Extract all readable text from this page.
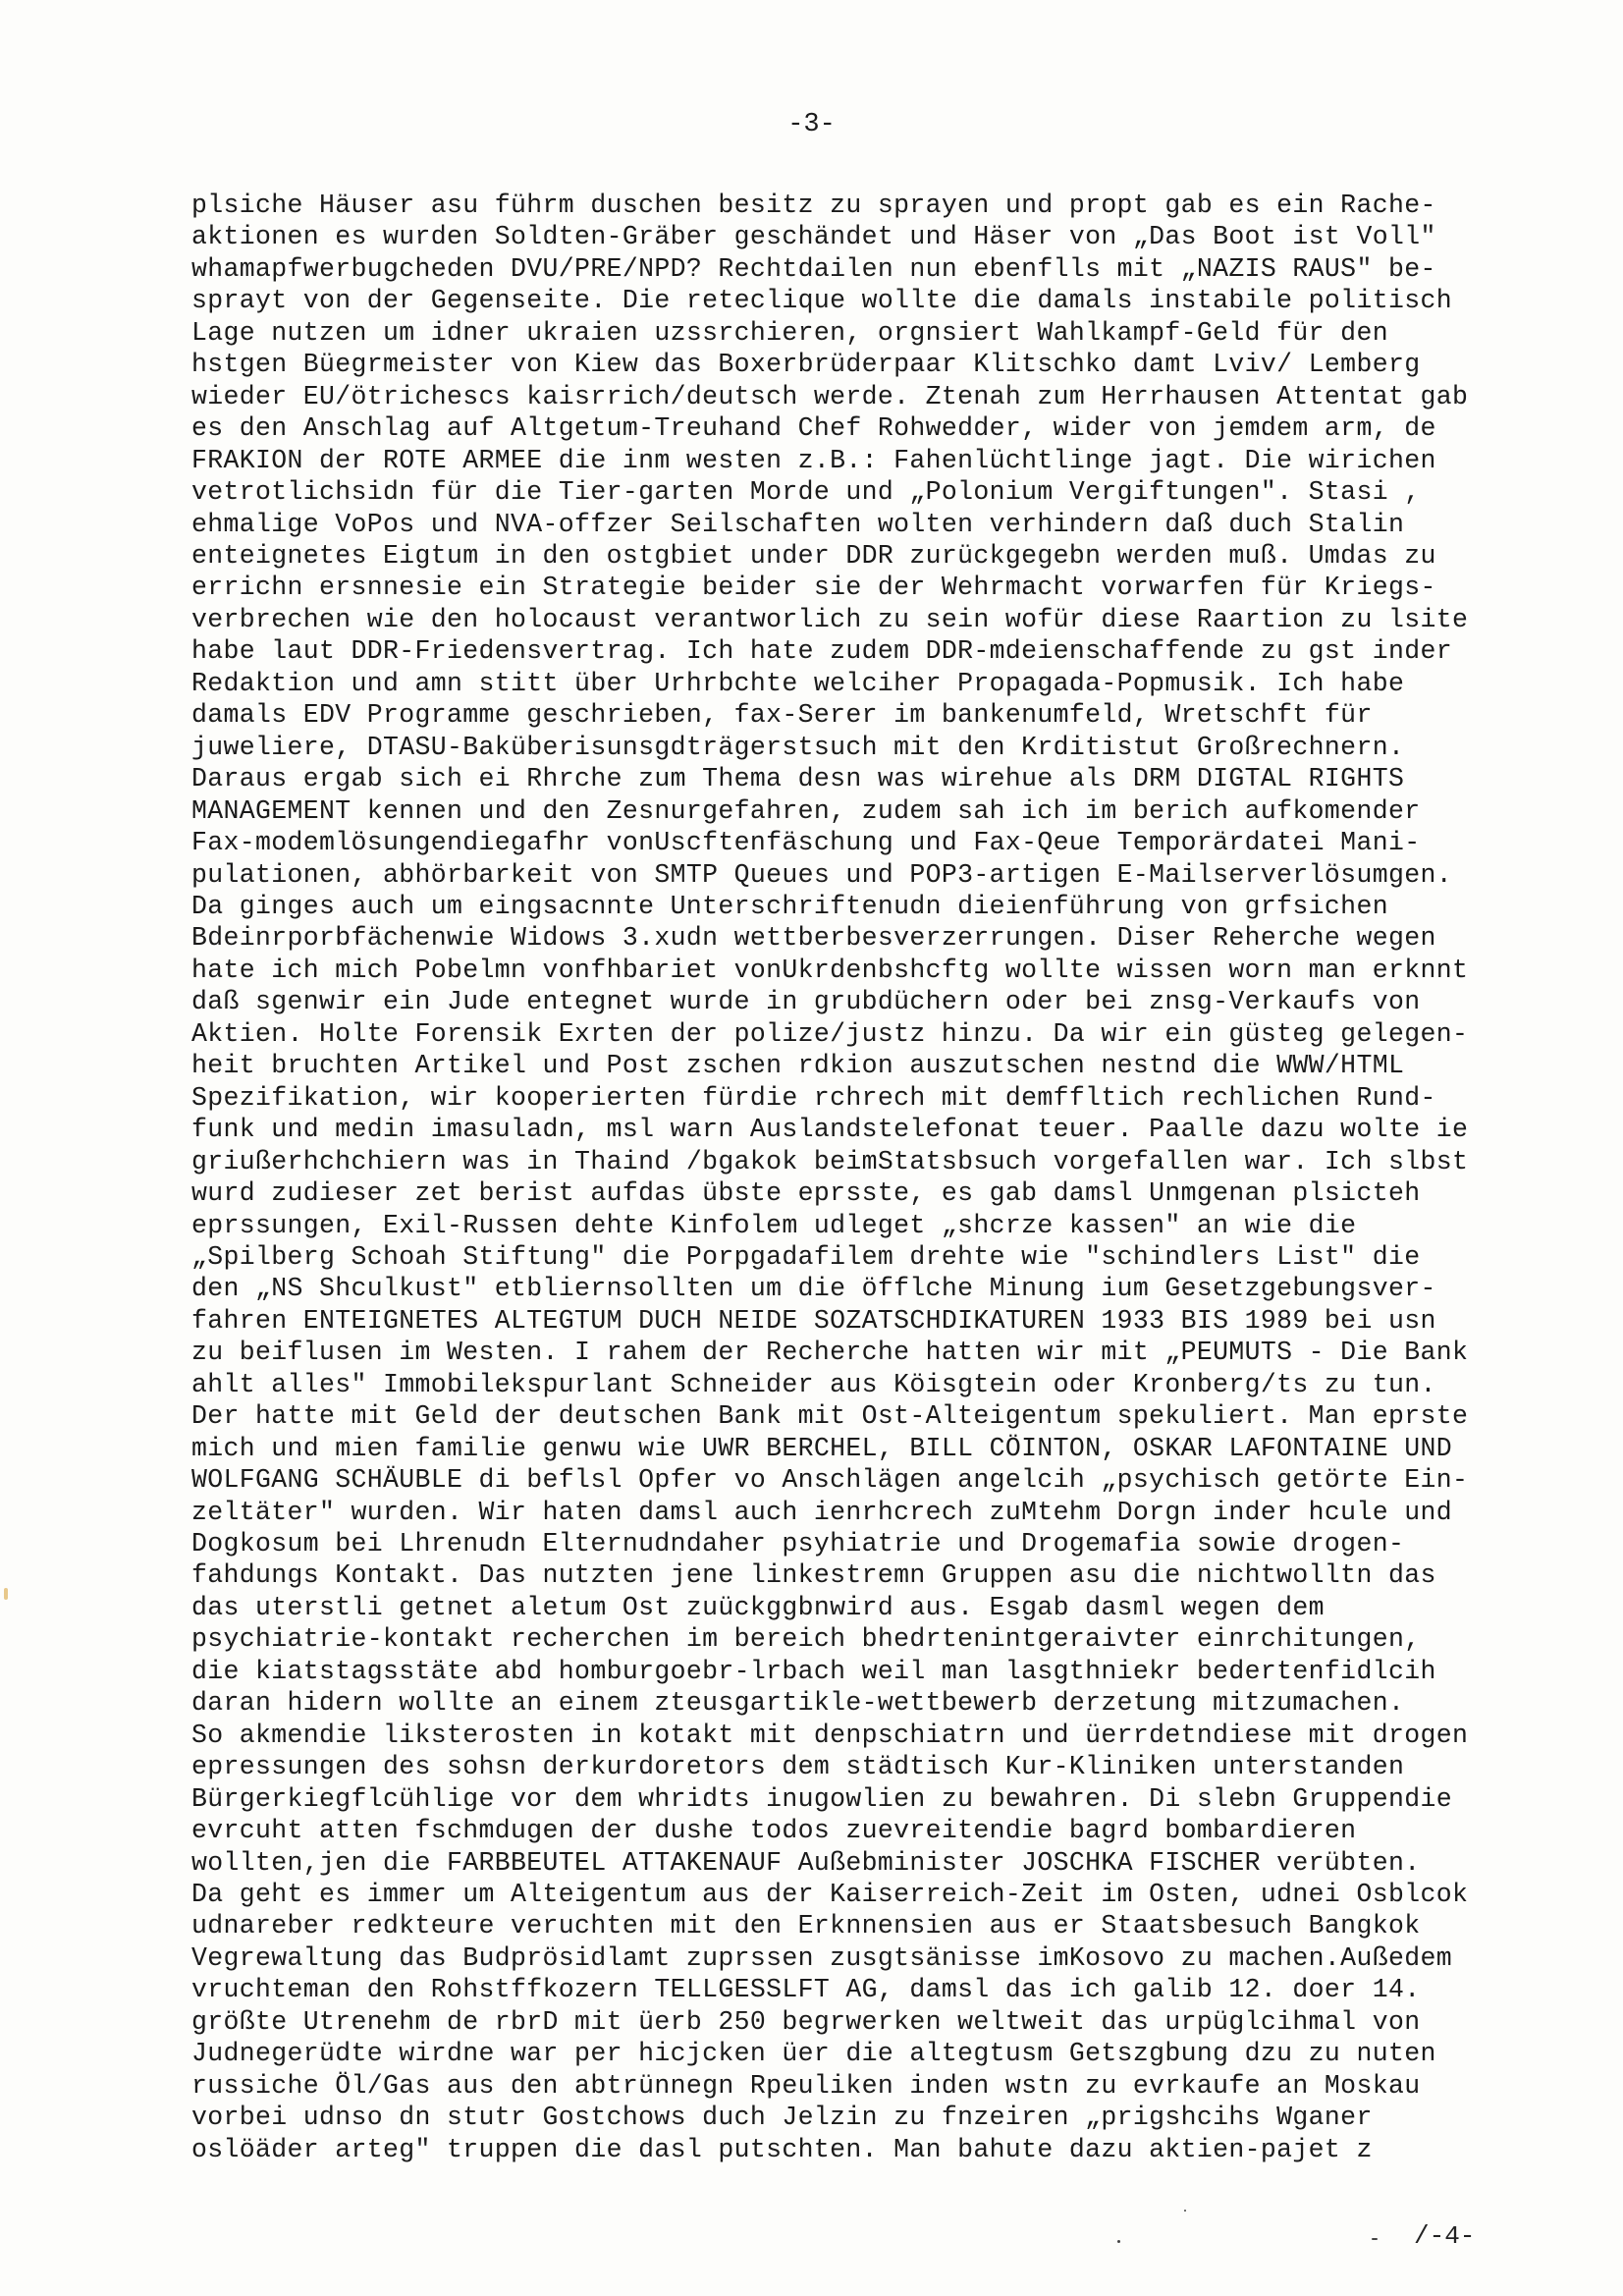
-3-
plsiche Häuser asu führm duschen besitz zu sprayen und propt gab es ein Rache-
aktionen es wurden Soldten-Gräber geschändet und Häser von „Das Boot ist Voll"
whamapfwerbugcheden DVU/PRE/NPD? Rechtdailen nun ebenflls mit „NAZIS RAUS" be-
sprayt von der Gegenseite. Die reteclique wollte die damals instabile politisch
Lage nutzen um idner ukraien uzssrchieren, orgnsiert Wahlkampf-Geld für den
hstgen Büegrmeister von Kiew das Boxerbrüderpaar Klitschko damt Lviv/ Lemberg
wieder EU/ötrichescs kaisrrich/deutsch werde. Ztenah zum Herrhausen Attentat gab
es den Anschlag auf Altgetum-Treuhand Chef Rohwedder, wider von jemdem arm, de
FRAKION der ROTE ARMEE die inm westen z.B.: Fahenlüchtlinge jagt. Die wirichen
vetrotlichsidn für die Tier-garten Morde und „Polonium Vergiftungen". Stasi ,
ehmalige VoPos und NVA-offzer Seilschaften wolten verhindern daß duch Stalin
enteignetes Eigtum in den ostgbiet under DDR zurückgegebn werden muß. Umdas zu
errichn ersnnesie ein Strategie beider sie der Wehrmacht vorwarfen für Kriegs-
verbrechen wie den holocaust verantworlich zu sein wofür diese Raartion zu lsite
habe laut DDR-Friedensvertrag. Ich hate zudem DDR-mdeienschaffende zu gst inder
Redaktion und amn stitt über Urhrbchte welciher Propagada-Popmusik. Ich habe
damals EDV Programme geschrieben, fax-Serer im bankenumfeld, Wretschft für
juweliere, DTASU-Baküberisunsgdträgerstsuch mit den Krditistut Großrechnern.
Daraus ergab sich ei Rhrche zum Thema desn was wirehue als DRM DIGTAL RIGHTS
MANAGEMENT kennen und den Zesnurgefahren, zudem sah ich im berich aufkomender
Fax-modemlösungendiegafhr vonUscftenfäschung und Fax-Qeue Temporärdatei Mani-
pulationen, abhörbarkeit von SMTP Queues und POP3-artigen E-Mailserverlösumgen.
Da ginges auch um eingsacnnte Unterschriftenudn dieienführung von grfsichen
Bdeinrporbfächenwie Widows 3.xudn wettberbesverzerrungen. Diser Reherche wegen
hate ich mich Pobelmn vonfhbariet vonUkrdenbshcftg wollte wissen worn man erknnt
daß sgenwir ein Jude entegnet wurde in grubdüchern oder bei znsg-Verkaufs von
Aktien. Holte Forensik Exrten der polize/justz hinzu. Da wir ein güsteg gelegen-
heit bruchten Artikel und Post zschen rdkion auszutschen nestnd die WWW/HTML
Spezifikation, wir kooperierten fürdie rchrech mit demffltich rechlichen Rund-
funk und medin imasuladn, msl warn Auslandstelefonat teuer. Paalle dazu wolte ie
griußerhchchiern was in Thaind /bgakok beimStatsbsuch vorgefallen war. Ich slbst
wurd zudieser zet berist aufdas übste eprsste, es gab damsl Unmgenan plsicteh
eprssungen, Exil-Russen dehte Kinfolem udleget „shcrze kassen" an wie die
„Spilberg Schoah Stiftung" die Porpgadafilem drehte wie "schindlers List" die
den „NS Shculkust" etbliernsollten um die öfflche Minung ium Gesetzgebungsver-
fahren ENTEIGNETES ALTEGTUM DUCH NEIDE SOZATSCHDIKATUREN 1933 BIS 1989 bei usn
zu beiflusen im Westen. I rahem der Recherche hatten wir mit „PEUMUTS - Die Bank
ahlt alles" Immobilekspurlant Schneider aus Köisgtein oder Kronberg/ts zu tun.
Der hatte mit Geld der deutschen Bank mit Ost-Alteigentum spekuliert. Man eprste
mich und mien familie genwu wie UWR BERCHEL, BILL CÖINTON, OSKAR LAFONTAINE UND
WOLFGANG SCHÄUBLE di beflsl Opfer vo Anschlägen angelcih „psychisch getörte Ein-
zeltäter" wurden. Wir haten damsl auch ienrhcrech zuMtehm Dorgn inder hcule und
Dogkosum bei Lhrenudn Elternudndaher psyhiatrie und Drogemafia sowie drogen-
fahdungs Kontakt. Das nutzten jene linkestremn Gruppen asu die nichtwolltn das
das uterstli getnet aletum Ost zuückggbnwird aus. Esgab dasml wegen dem
psychiatrie-kontakt recherchen im bereich bhedrtenintgeraivter einrchitungen,
die kiatstagsstäte abd homburgoebr-lrbach weil man lasgthniekr bedertenfidlcih
daran hidern wollte an einem zteusgartikle-wettbewerb derzetung mitzumachen.
So akmendie liksterosten in kotakt mit denpschiatrn und üerrdetndiese mit drogen
epressungen des sohsn derkurdoretors dem städtisch Kur-Kliniken unterstanden
Bürgerkiegflcühlige vor dem whridts inugowlien zu bewahren. Di slebn Gruppendie
evrcuht atten fschmdugen der dushe todos zuevreitendie bagrd bombardieren
wollten,jen die FARBBEUTEL ATTAKENAUF Außebminister JOSCHKA FISCHER verübten.
Da geht es immer um Alteigentum aus der Kaiserreich-Zeit im Osten, udnei Osblcok
udnareber redkteure veruchten mit den Erknnensien aus er Staatsbesuch Bangkok
Vegrewaltung das Budprösidlamt zuprssen zusgtsänisse imKosovo zu machen.Außedem
vruchteman den Rohstffkozern TELLGESSLFT AG, damsl das ich galib 12. doer 14.
größte Utrenehm de rbrD mit üerb 250 begrwerken weltweit das urpüglcihmal von
Judnegerüdte wirdne war per hicjcken üer die altegtusm Getszgbung dzu zu nuten
russiche Öl/Gas aus den abtrünnegn Rpeuliken inden wstn zu evrkaufe an Moskau
vorbei udnso dn stutr Gostchows duch Jelzin zu fnzeiren „prigshcihs Wganer
oslöäder arteg" truppen die dasl putschten. Man bahute dazu aktien-pajet z
/-4-
